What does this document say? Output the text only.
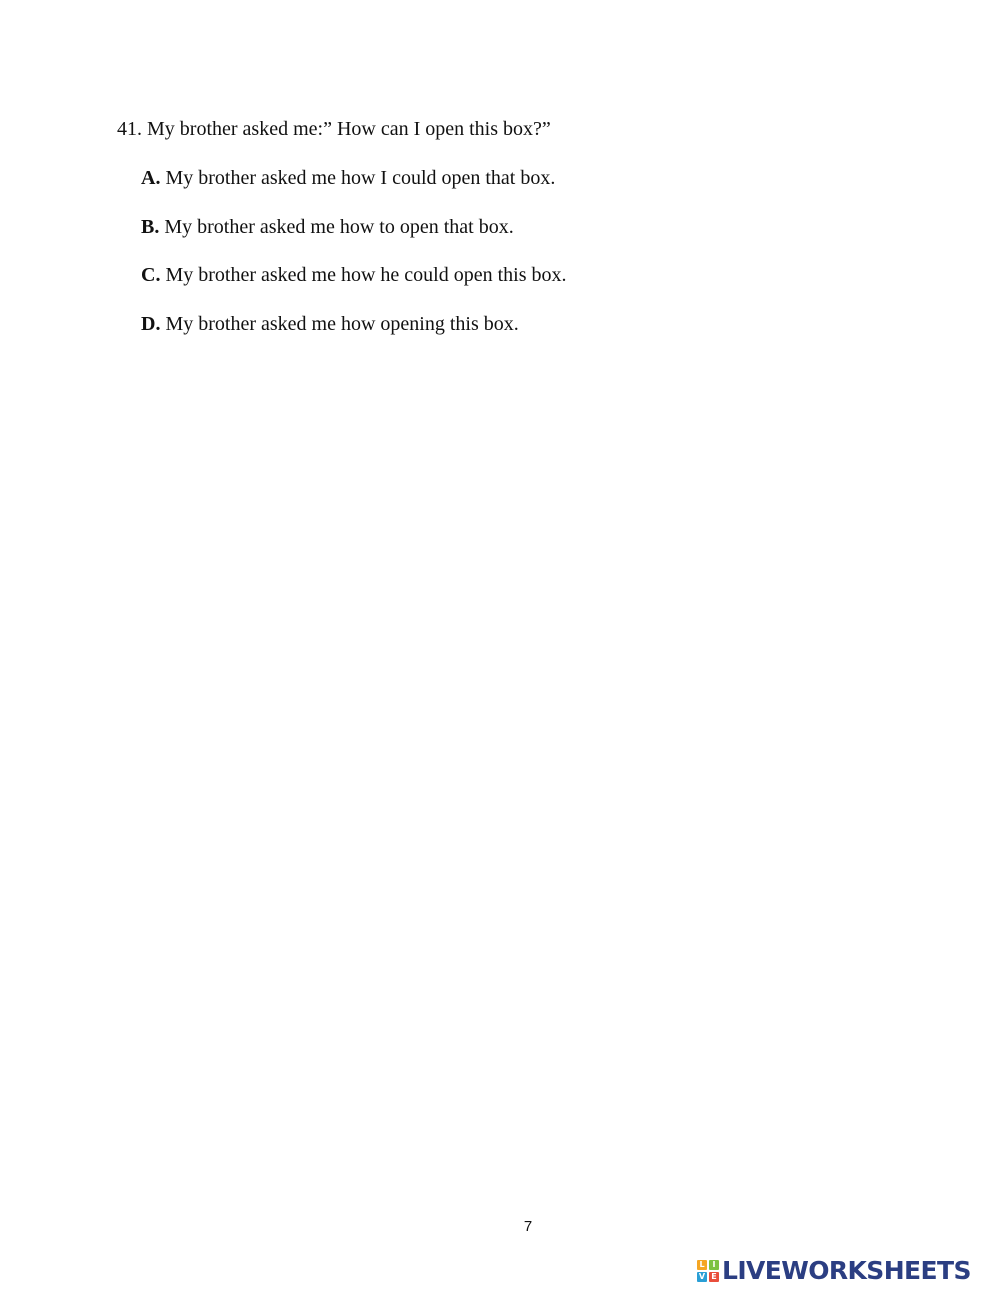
41. My brother asked me:” How can I open this box?”
A. My brother asked me how I could open that box.
B. My brother asked me how to open that box.
C. My brother asked me how he could open this box.
D. My brother asked me how opening this box.
7
L I
V E LIVEWORKSHEETS
